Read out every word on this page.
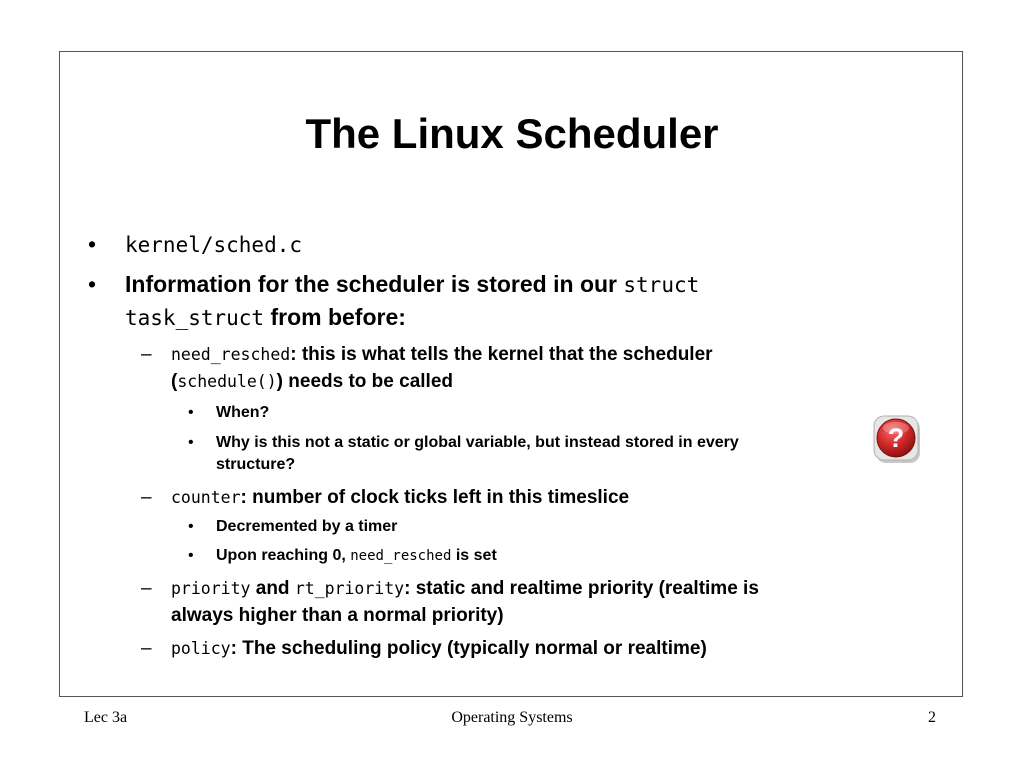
The Linux Scheduler
• kernel/sched.c
• Information for the scheduler is stored in our struct
task_struct from before:
– need_resched: this is what tells the kernel that the scheduler
(schedule()) needs to be called
• When?
• Why is this not a static or global variable, but instead stored in every
structure?
– counter: number of clock ticks left in this timeslice
• Decremented by a timer
• Upon reaching 0, need_resched is set
– priority and rt_priority: static and realtime priority (realtime is
always higher than a normal priority)
– policy: The scheduling policy (typically normal or realtime)
?
Lec 3a	Operating Systems	2
